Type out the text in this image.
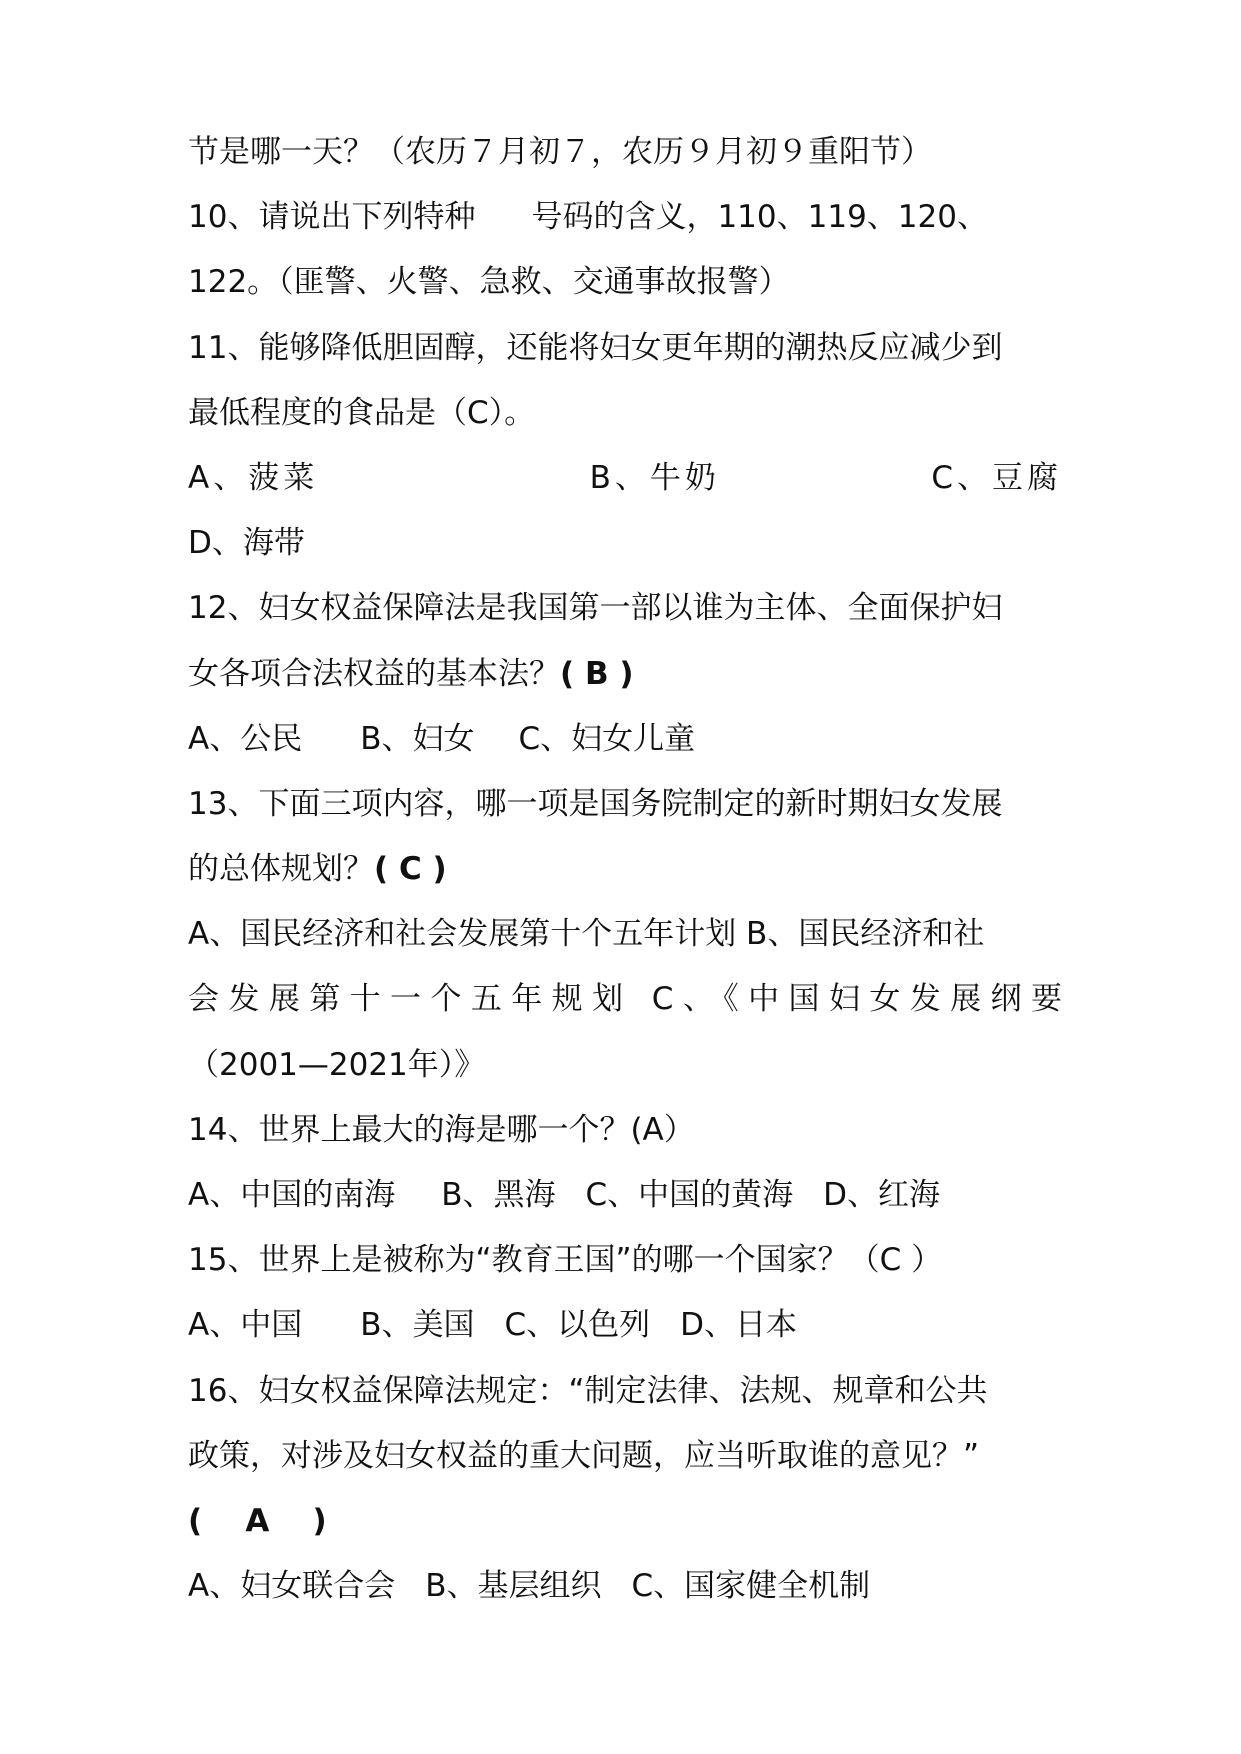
节是哪一天？（农历７月初７，农历９月初９重阳节）
10、请说出下列特种 号码的含义，110、119、120、
122。（匪警、火警、急救、交通事故报警）
11、能够降低胆固醇，还能将妇女更年期的潮热反应减少到
最低程度的食品是（C）。
A、菠菜	B、牛奶	C、豆腐
D、海带
12、妇女权益保障法是我国第一部以谁为主体、全面保护妇
女各项合法权益的基本法？( B )
A、公民 B、妇女 C、妇女儿童
13、下面三项内容，哪一项是国务院制定的新时期妇女发展
的总体规划？( C )
A、国民经济和社会发展第十个五年计划 B、国民经济和社
会发展第十一个五年规划 C、《中国妇女发展纲要
（2001—2021年）》
14、世界上最大的海是哪一个？(A）
A、中国的南海 B、黑海 C、中国的黄海 D、红海
15、世界上是被称为“教育王国”的哪一个国家？（C ）
A、中国 B、美国 C、以色列 D、日本
16、妇女权益保障法规定：“制定法律、法规、规章和公共
政策，对涉及妇女权益的重大问题，应当听取谁的意见？”
(    A    )
A、妇女联合会 B、基层组织 C、国家健全机制
